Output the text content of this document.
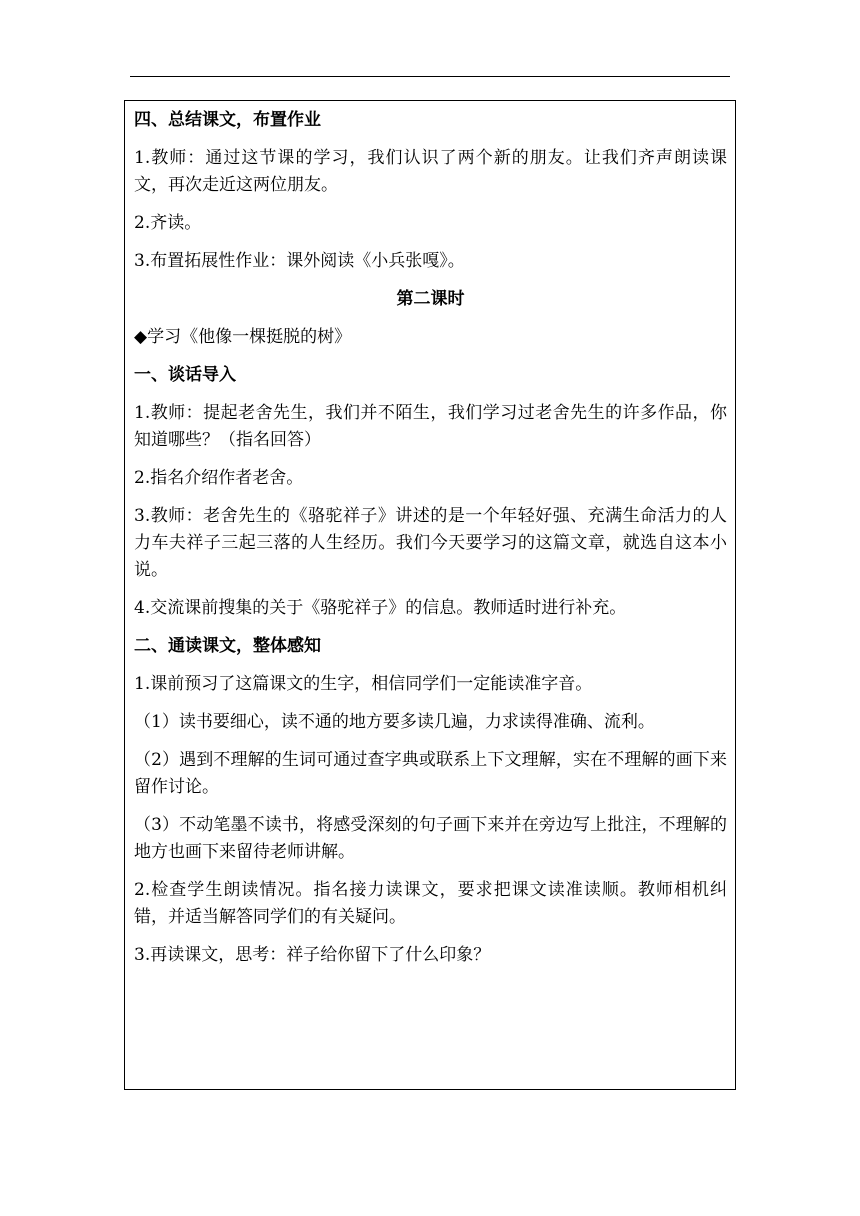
四、总结课文，布置作业

1.教师：通过这节课的学习，我们认识了两个新的朋友。让我们齐声朗读课文，再次走近这两位朋友。

2.齐读。

3.布置拓展性作业：课外阅读《小兵张嘎》。

第二课时

◆学习《他像一棵挺脱的树》

一、谈话导入

1.教师：提起老舍先生，我们并不陌生，我们学习过老舍先生的许多作品，你知道哪些？（指名回答）

2.指名介绍作者老舍。

3.教师：老舍先生的《骆驼祥子》讲述的是一个年轻好强、充满生命活力的人力车夫祥子三起三落的人生经历。我们今天要学习的这篇文章，就选自这本小说。

4.交流课前搜集的关于《骆驼祥子》的信息。教师适时进行补充。

二、通读课文，整体感知

1.课前预习了这篇课文的生字，相信同学们一定能读准字音。

（1）读书要细心，读不通的地方要多读几遍，力求读得准确、流利。

（2）遇到不理解的生词可通过查字典或联系上下文理解，实在不理解的画下来留作讨论。

（3）不动笔墨不读书，将感受深刻的句子画下来并在旁边写上批注，不理解的地方也画下来留待老师讲解。

2.检查学生朗读情况。指名接力读课文，要求把课文读准读顺。教师相机纠错，并适当解答同学们的有关疑问。

3.再读课文，思考：祥子给你留下了什么印象？
